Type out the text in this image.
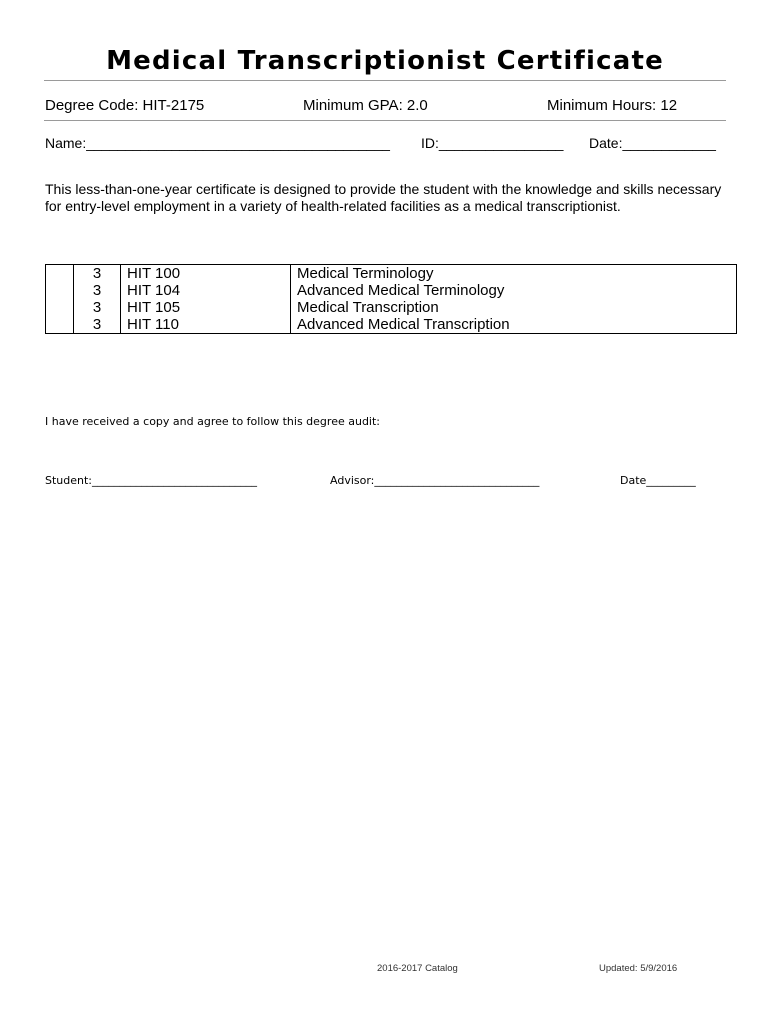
Medical Transcriptionist Certificate
Degree Code: HIT-2175	Minimum GPA: 2.0	Minimum Hours: 12
Name:_______________________________________ ID:________________ Date:____________
This less-than-one-year certificate is designed to provide the student with the knowledge and skills necessary for entry-level employment in a variety of health-related facilities as a medical transcriptionist.
	3	HIT 100	Medical Terminology
	3	HIT 104	Advanced Medical Terminology
	3	HIT 105	Medical Transcription
	3	HIT 110	Advanced Medical Transcription
I have received a copy and agree to follow this degree audit:
Student:______________________________	Advisor:______________________________	Date_________
2016-2017 Catalog	Updated: 5/9/2016
